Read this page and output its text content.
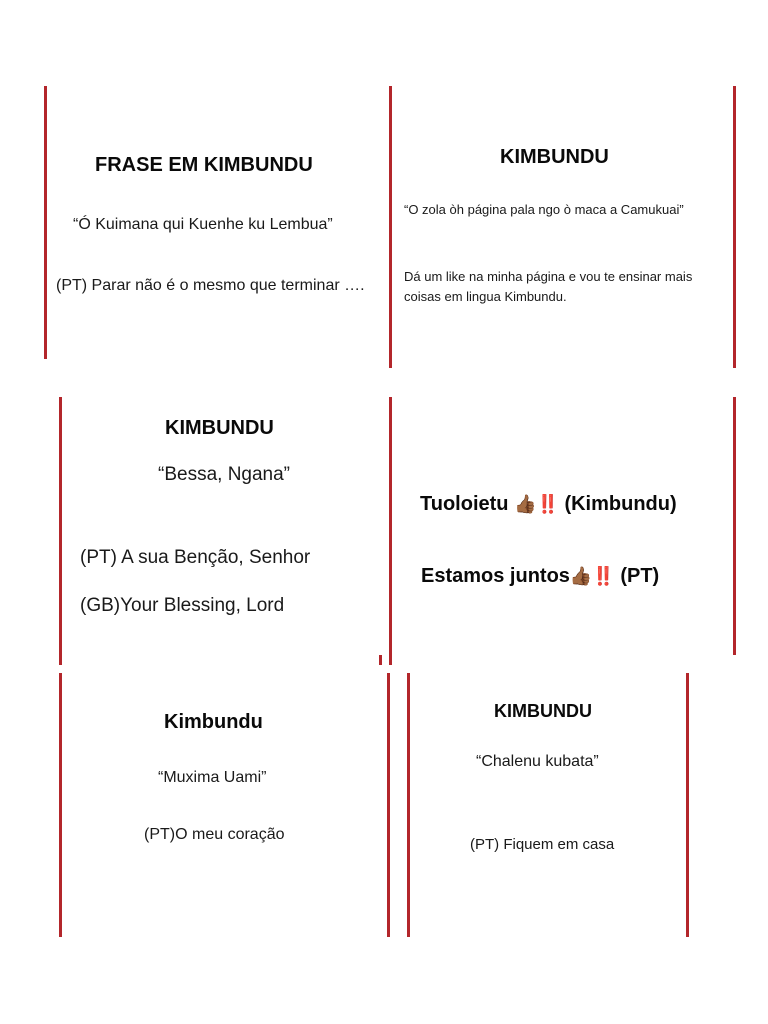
FRASE EM KIMBUNDU
“Ó Kuimana qui Kuenhe ku Lembua”
(PT) Parar não é o mesmo que terminar ….
KIMBUNDU
“O zola òh página pala ngo ò maca a Camukuai”
Dá um like na minha página e vou te ensinar mais
coisas em lingua Kimbundu.
KIMBUNDU
“Bessa, Ngana”
(PT) A sua Benção, Senhor
(GB)Your Blessing, Lord
Tuoloietu 👍🏾‼️ (Kimbundu)
Estamos juntos👍🏾‼️ (PT)
Kimbundu
“Muxima Uami”
(PT)O meu coração
KIMBUNDU
“Chalenu kubata”
(PT) Fiquem em casa
